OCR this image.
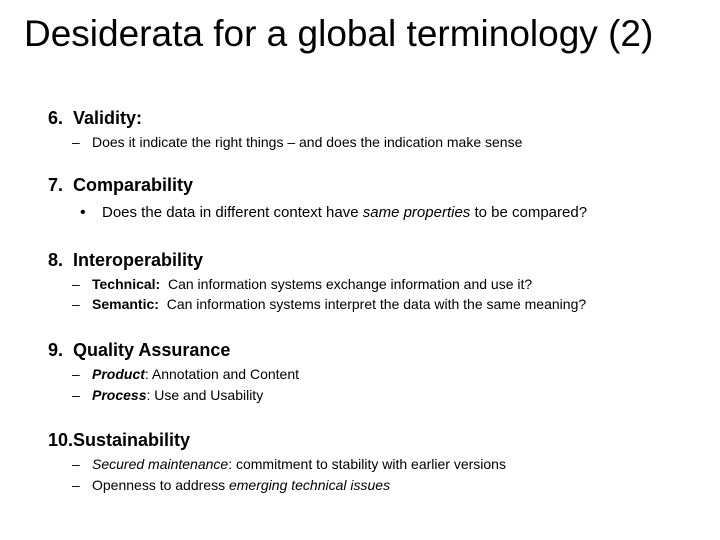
Desiderata for a global terminology (2)
6. Validity:
– Does it indicate the right things – and does the indication make sense
7. Comparability
• Does the data in different context have same properties to be compared?
8. Interoperability
– Technical: Can information systems exchange information and use it?
– Semantic: Can information systems interpret the data with the same meaning?
9. Quality Assurance
– Product: Annotation and Content
– Process: Use and Usability
10.Sustainability
– Secured maintenance: commitment to stability with earlier versions
– Openness to address emerging technical issues
